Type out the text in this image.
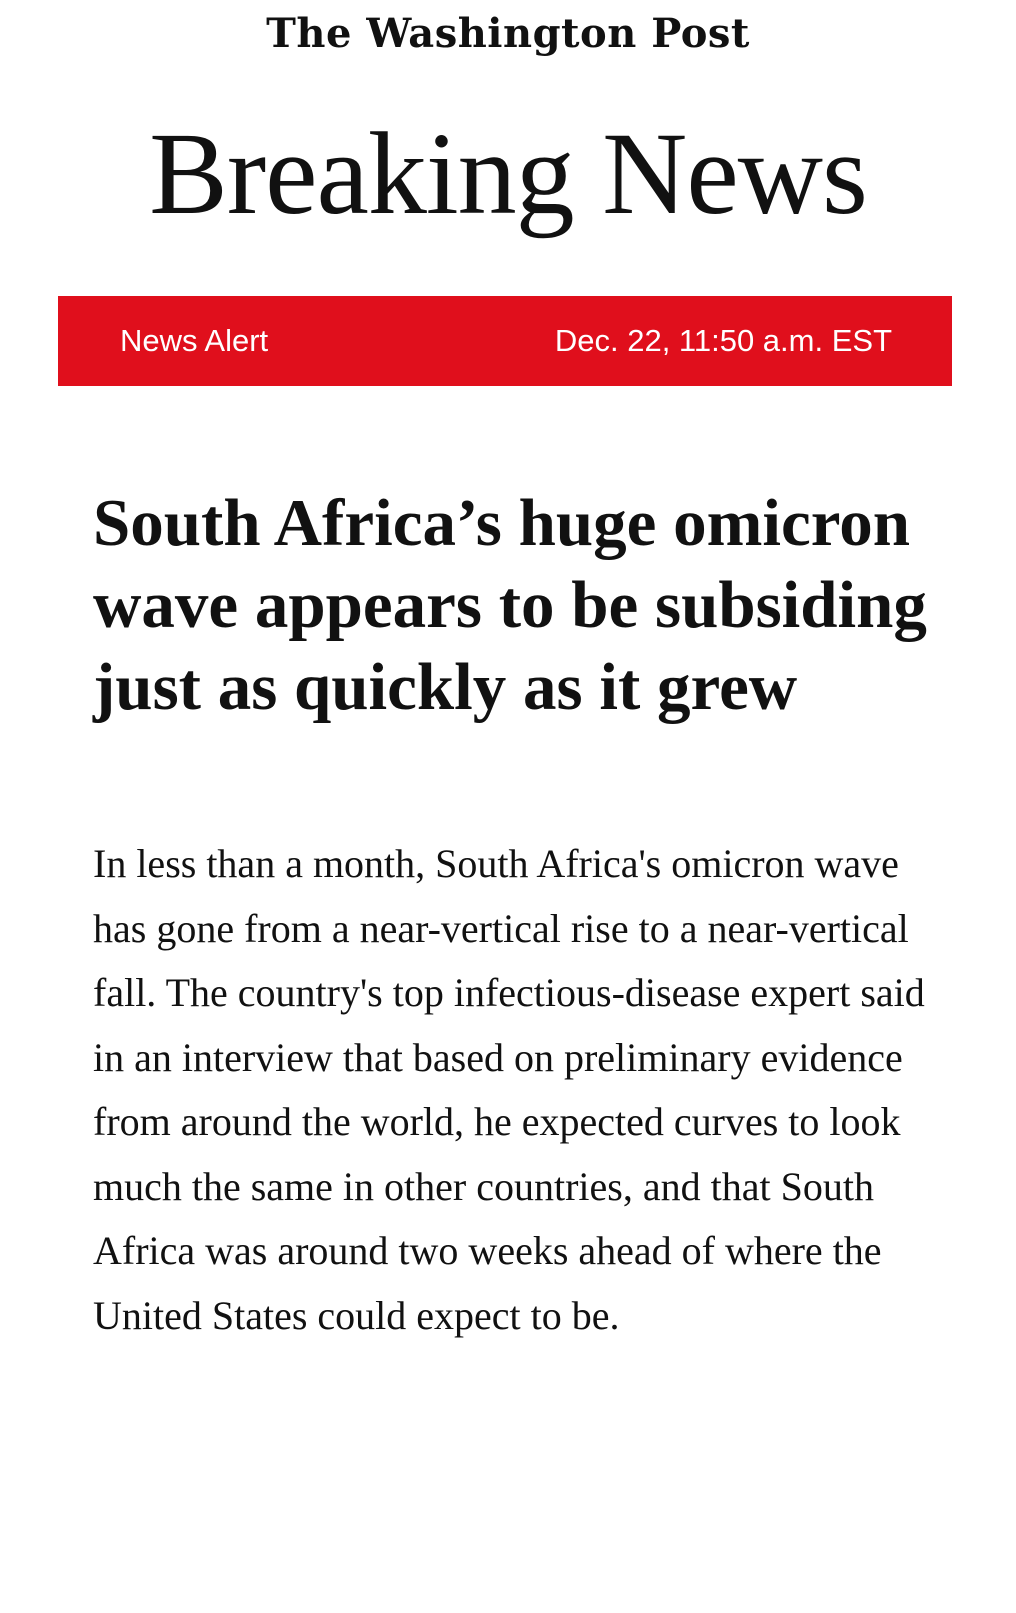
The Washington Post
Breaking News
News Alert	Dec. 22, 11:50 a.m. EST
South Africa’s huge omicron wave appears to be subsiding just as quickly as it grew

In less than a month, South Africa's omicron wave has gone from a near-vertical rise to a near-vertical fall. The country's top infectious-disease expert said in an interview that based on preliminary evidence from around the world, he expected curves to look much the same in other countries, and that South Africa was around two weeks ahead of where the United States could expect to be.
